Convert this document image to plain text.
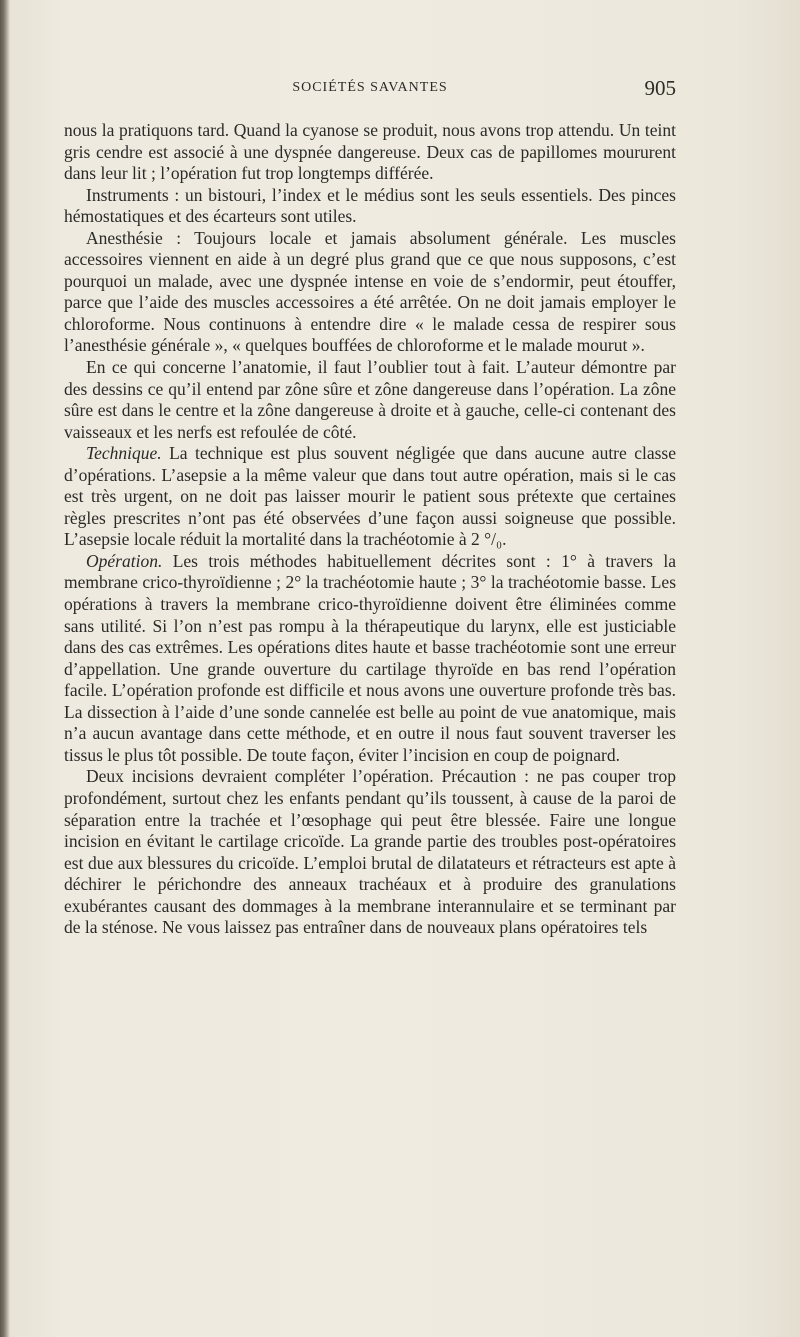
SOCIÉTÉS SAVANTES	905

nous la pratiquons tard. Quand la cyanose se produit, nous avons trop attendu. Un teint gris cendre est associé à une dyspnée dangereuse. Deux cas de papillomes moururent dans leur lit ; l’opération fut trop longtemps différée.

Instruments : un bistouri, l’index et le médius sont les seuls essentiels. Des pinces hémostatiques et des écarteurs sont utiles.

Anesthésie : Toujours locale et jamais absolument générale. Les muscles accessoires viennent en aide à un degré plus grand que ce que nous supposons, c’est pourquoi un malade, avec une dyspnée intense en voie de s’endormir, peut étouffer, parce que l’aide des muscles accessoires a été arrêtée. On ne doit jamais employer le chloroforme. Nous continuons à entendre dire « le malade cessa de respirer sous l’anesthésie générale », « quelques bouffées de chloroforme et le malade mourut ».

En ce qui concerne l’anatomie, il faut l’oublier tout à fait. L’auteur démontre par des dessins ce qu’il entend par zône sûre et zône dangereuse dans l’opération. La zône sûre est dans le centre et la zône dangereuse à droite et à gauche, celle-ci contenant des vaisseaux et les nerfs est refoulée de côté.

Technique. La technique est plus souvent négligée que dans aucune autre classe d’opérations. L’asepsie a la même valeur que dans tout autre opération, mais si le cas est très urgent, on ne doit pas laisser mourir le patient sous prétexte que certaines règles prescrites n’ont pas été observées d’une façon aussi soigneuse que possible. L’asepsie locale réduit la mortalité dans la trachéotomie à 2 °/₀.

Opération. Les trois méthodes habituellement décrites sont : 1° à travers la membrane crico-thyroïdienne ; 2° la trachéotomie haute ; 3° la trachéotomie basse. Les opérations à travers la membrane crico-thyroïdienne doivent être éliminées comme sans utilité. Si l’on n’est pas rompu à la thérapeutique du larynx, elle est justiciable dans des cas extrêmes. Les opérations dites haute et basse trachéotomie sont une erreur d’appellation. Une grande ouverture du cartilage thyroïde en bas rend l’opération facile. L’opération profonde est difficile et nous avons une ouverture profonde très bas. La dissection à l’aide d’une sonde cannelée est belle au point de vue anatomique, mais n’a aucun avantage dans cette méthode, et en outre il nous faut souvent traverser les tissus le plus tôt possible. De toute façon, éviter l’incision en coup de poignard.

Deux incisions devraient compléter l’opération. Précaution : ne pas couper trop profondément, surtout chez les enfants pendant qu’ils toussent, à cause de la paroi de séparation entre la trachée et l’œsophage qui peut être blessée. Faire une longue incision en évitant le cartilage cricoïde. La grande partie des troubles post-opératoires est due aux blessures du cricoïde. L’emploi brutal de dilatateurs et rétracteurs est apte à déchirer le périchondre des anneaux trachéaux et à produire des granulations exubérantes causant des dommages à la membrane interannulaire et se terminant par de la sténose. Ne vous laissez pas entraîner dans de nouveaux plans opératoires tels
